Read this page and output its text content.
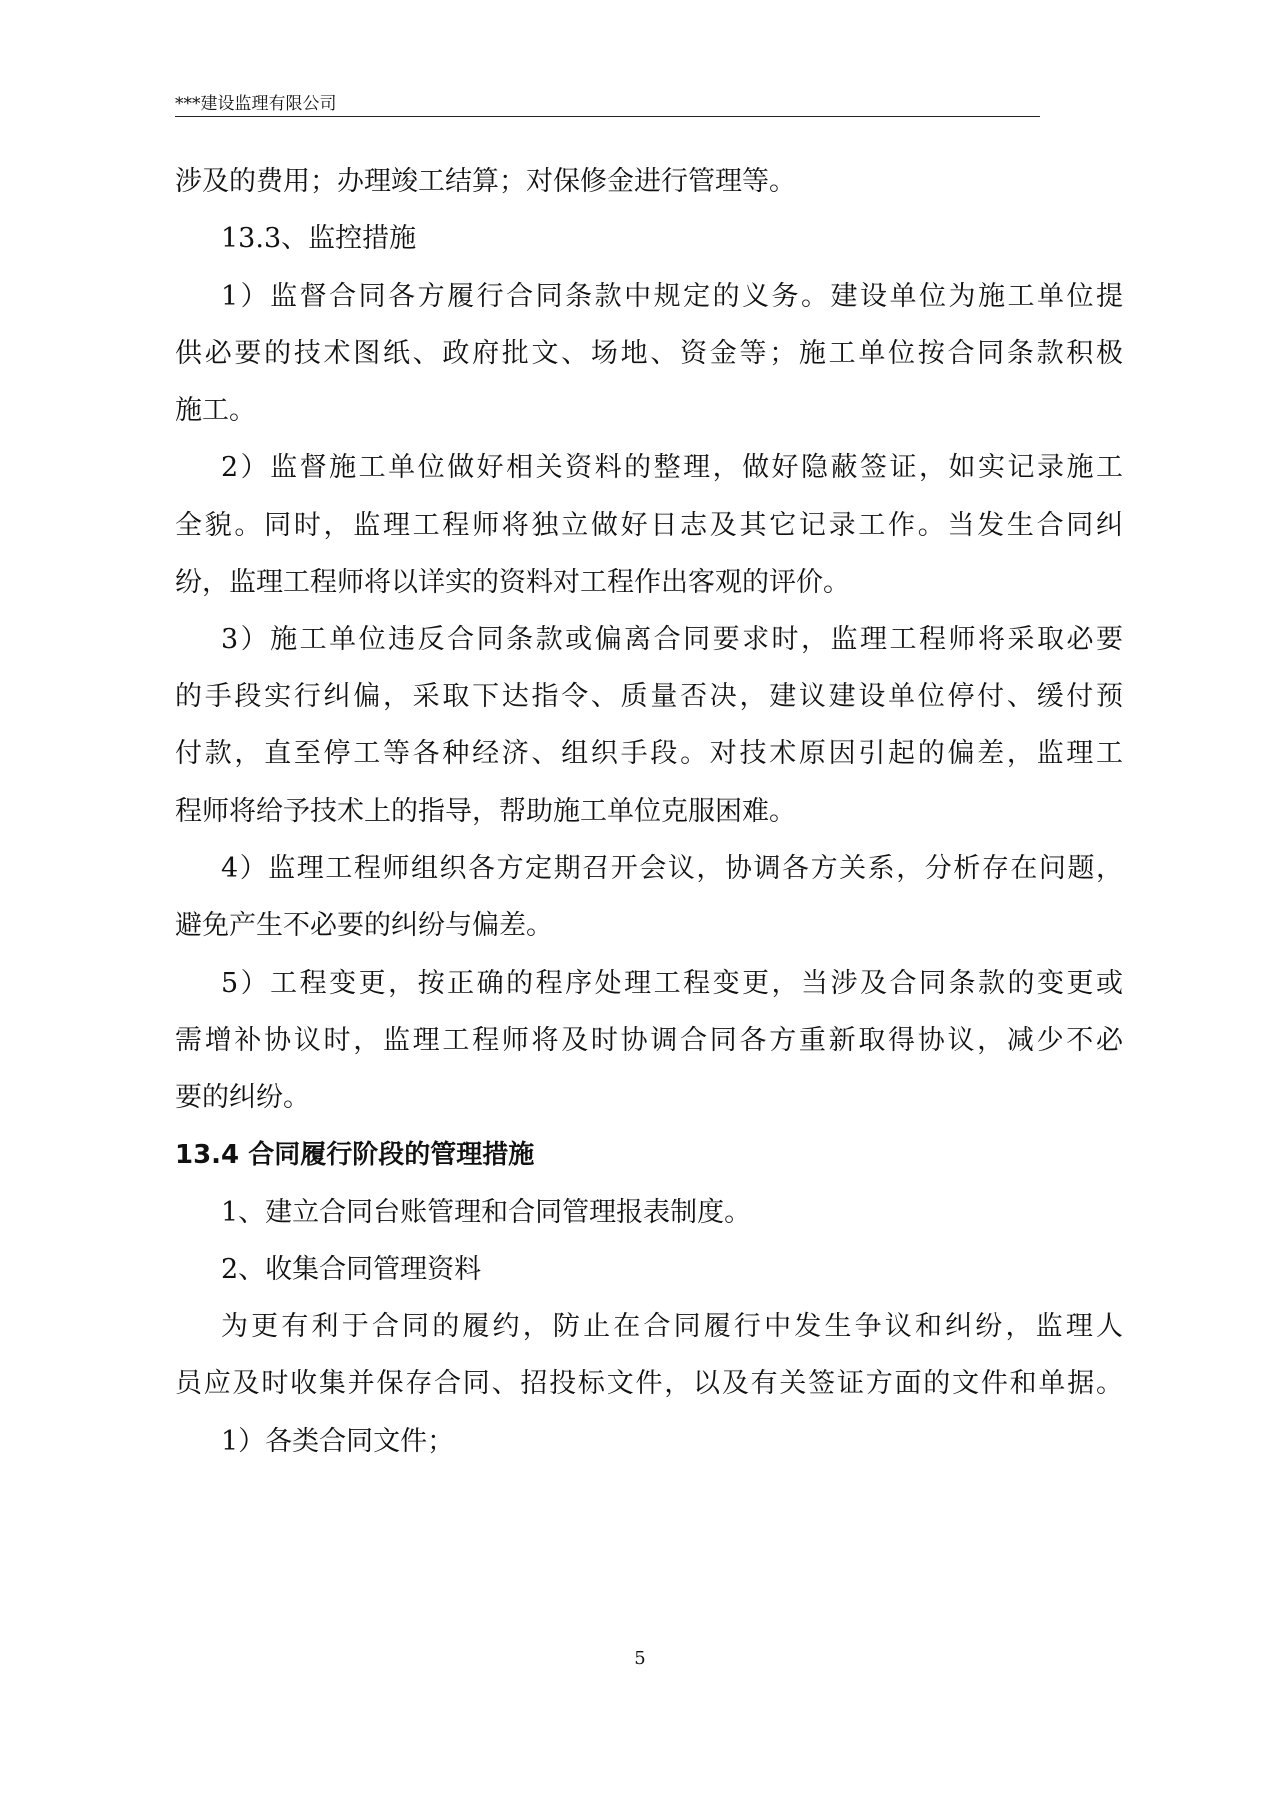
***建设监理有限公司
涉及的费用；办理竣工结算；对保修金进行管理等。
13.3、监控措施
1）监督合同各方履行合同条款中规定的义务。建设单位为施工单位提
供必要的技术图纸、政府批文、场地、资金等；施工单位按合同条款积极
施工。
2）监督施工单位做好相关资料的整理，做好隐蔽签证，如实记录施工
全貌。同时，监理工程师将独立做好日志及其它记录工作。当发生合同纠
纷，监理工程师将以详实的资料对工程作出客观的评价。
3）施工单位违反合同条款或偏离合同要求时，监理工程师将采取必要
的手段实行纠偏，采取下达指令、质量否决，建议建设单位停付、缓付预
付款，直至停工等各种经济、组织手段。对技术原因引起的偏差，监理工
程师将给予技术上的指导，帮助施工单位克服困难。
4）监理工程师组织各方定期召开会议，协调各方关系，分析存在问题，
避免产生不必要的纠纷与偏差。
5）工程变更，按正确的程序处理工程变更，当涉及合同条款的变更或
需增补协议时，监理工程师将及时协调合同各方重新取得协议，减少不必
要的纠纷。
13.4 合同履行阶段的管理措施
1、建立合同台账管理和合同管理报表制度。
2、收集合同管理资料
为更有利于合同的履约，防止在合同履行中发生争议和纠纷，监理人
员应及时收集并保存合同、招投标文件，以及有关签证方面的文件和单据。
1）各类合同文件；
5
